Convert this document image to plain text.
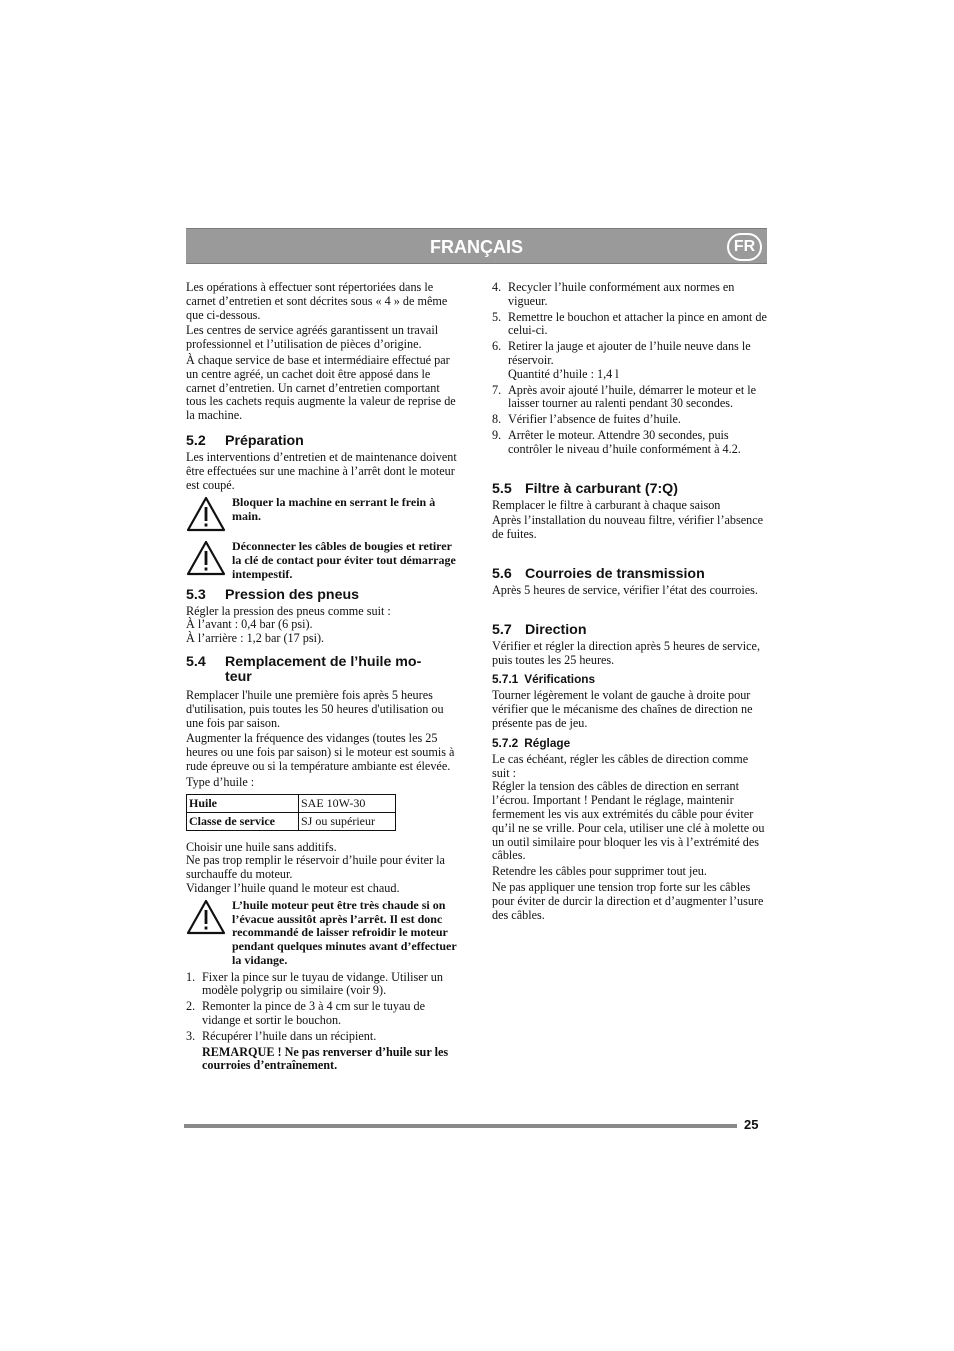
FRANÇAIS	FR

Les opérations à effectuer sont répertoriées dans le carnet d’entretien et sont décrites sous « 4 » de même que ci-dessous.

Les centres de service agréés garantissent un travail professionnel et l’utilisation de pièces d’origine.

À chaque service de base et intermédiaire effectué par un centre agréé, un cachet doit être apposé dans le carnet d’entretien. Un carnet d’entretien comportant tous les cachets requis augmente la valeur de reprise de la machine.

5.2	Préparation

Les interventions d’entretien et de maintenance doivent être effectuées sur une machine à l’arrêt dont le moteur est coupé.

Bloquer la machine en serrant le frein à main.
Déconnecter les câbles de bougies et retirer la clé de contact pour éviter tout démarrage intempestif.
5.3	Pression des pneus
Régler la pression des pneus comme suit :
À l’avant : 0,4 bar (6 psi).
À l’arrière : 1,2 bar (17 psi).
5.4	Remplacement de l’huile mo-
teur

Remplacer l'huile une première fois après 5 heures d'utilisation, puis toutes les 50 heures d'utilisation ou une fois par saison.

Augmenter la fréquence des vidanges (toutes les 25 heures ou une fois par saison) si le moteur est soumis à rude épreuve ou si la température ambiante est élevée.

Type d’huile :
Huile	SAE 10W-30
Classe de service	SJ ou supérieur
Choisir une huile sans additifs.
Ne pas trop remplir le réservoir d’huile pour éviter la surchauffe du moteur.
Vidanger l’huile quand le moteur est chaud.
L’huile moteur peut être très chaude si on l’évacue aussitôt après l’arrêt. Il est donc recommandé de laisser refroidir le moteur pendant quelques minutes avant d’effectuer la vidange.
1. Fixer la pince sur le tuyau de vidange. Utiliser un modèle polygrip ou similaire (voir 9).
2. Remonter la pince de 3 à 4 cm sur le tuyau de vidange et sortir le bouchon.
3. Récupérer l’huile dans un récipient.
REMARQUE ! Ne pas renverser d’huile sur les courroies d’entraînement.
4. Recycler l’huile conformément aux normes en vigueur.
5. Remettre le bouchon et attacher la pince en amont de celui-ci.
6. Retirer la jauge et ajouter de l’huile neuve dans le réservoir.
Quantité d’huile : 1,4 l
7. Après avoir ajouté l’huile, démarrer le moteur et le laisser tourner au ralenti pendant 30 secondes.
8. Vérifier l’absence de fuites d’huile.
9. Arrêter le moteur. Attendre 30 secondes, puis contrôler le niveau d’huile conformément à 4.2.
5.5 Filtre à carburant (7:Q)

Remplacer le filtre à carburant à chaque saison

Après l’installation du nouveau filtre, vérifier l’absence de fuites.

5.6 Courroies de transmission

Après 5 heures de service, vérifier l’état des courroies.

5.7 Direction

Vérifier et régler la direction après 5 heures de service, puis toutes les 25 heures.

5.7.1 Vérifications

Tourner légèrement le volant de gauche à droite pour vérifier que le mécanisme des chaînes de direction ne présente pas de jeu.

5.7.2 Réglage
Le cas échéant, régler les câbles de direction comme suit :

Régler la tension des câbles de direction en serrant l’écrou. Important ! Pendant le réglage, maintenir fermement les vis aux extrémités du câble pour éviter qu’il ne se vrille. Pour cela, utiliser une clé à molette ou un outil similaire pour bloquer les vis à l’extrémité des câbles.

Retendre les câbles pour supprimer tout jeu.

Ne pas appliquer une tension trop forte sur les câbles pour éviter de durcir la direction et d’augmenter l’usure des câbles.

25
